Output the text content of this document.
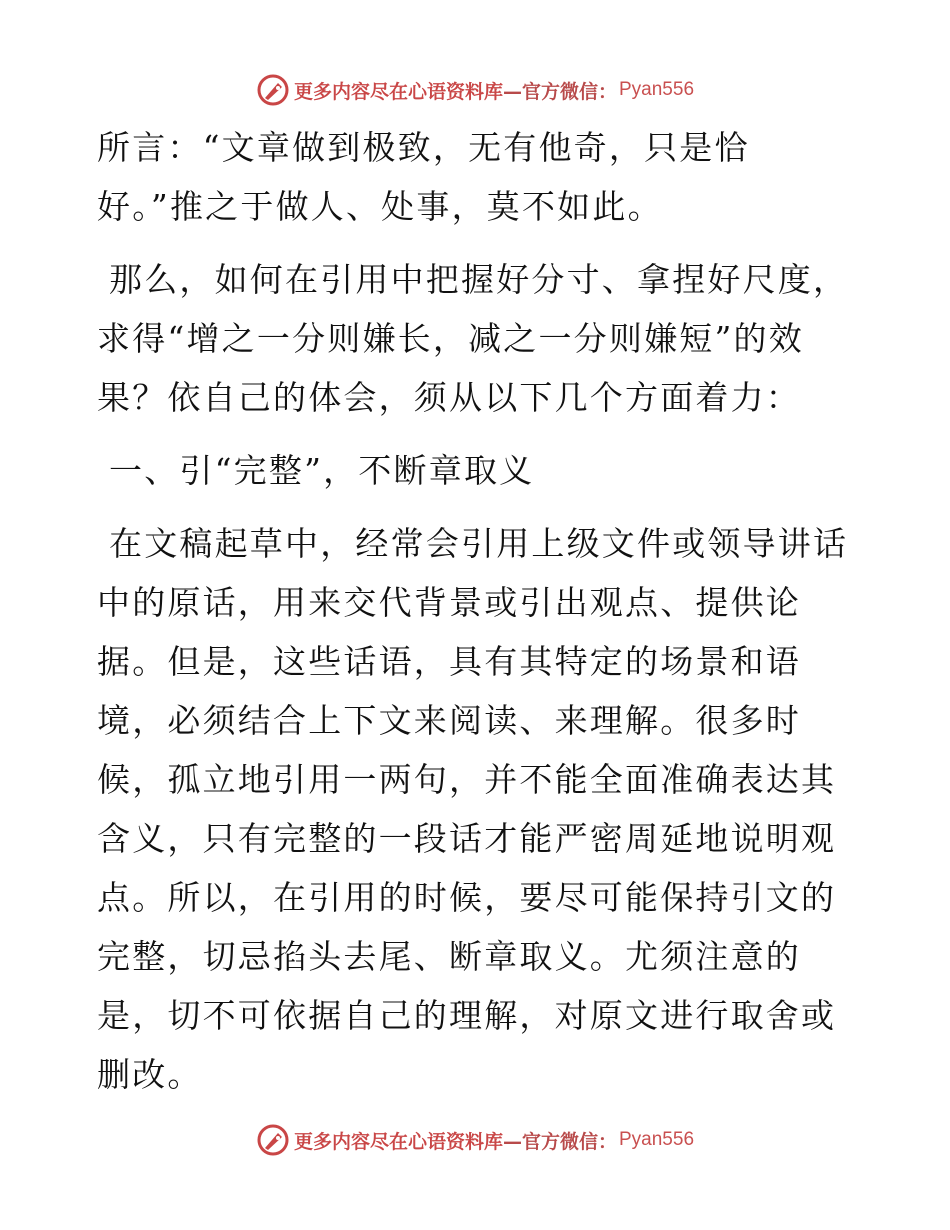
更多内容尽在心语资料库 —官方微信： Pyan556

所言：“文章做到极致，无有他奇，只是恰好。”推之于做人、处事，莫不如此。

那么，如何在引用中把握好分寸、拿捏好尺度，求得“增之一分则嫌长，减之一分则嫌短”的效果？依自己的体会，须从以下几个方面着力：

一、引“完整”，不断章取义

在文稿起草中，经常会引用上级文件或领导讲话中的原话，用来交代背景或引出观点、提供论据。但是，这些话语，具有其特定的场景和语境，必须结合上下文来阅读、来理解。很多时候，孤立地引用一两句，并不能全面准确表达其含义，只有完整的一段话才能严密周延地说明观点。所以，在引用的时候，要尽可能保持引文的完整，切忌掐头去尾、断章取义。尤须注意的是，切不可依据自己的理解，对原文进行取舍或删改。

更多内容尽在心语资料库 —官方微信： Pyan556
